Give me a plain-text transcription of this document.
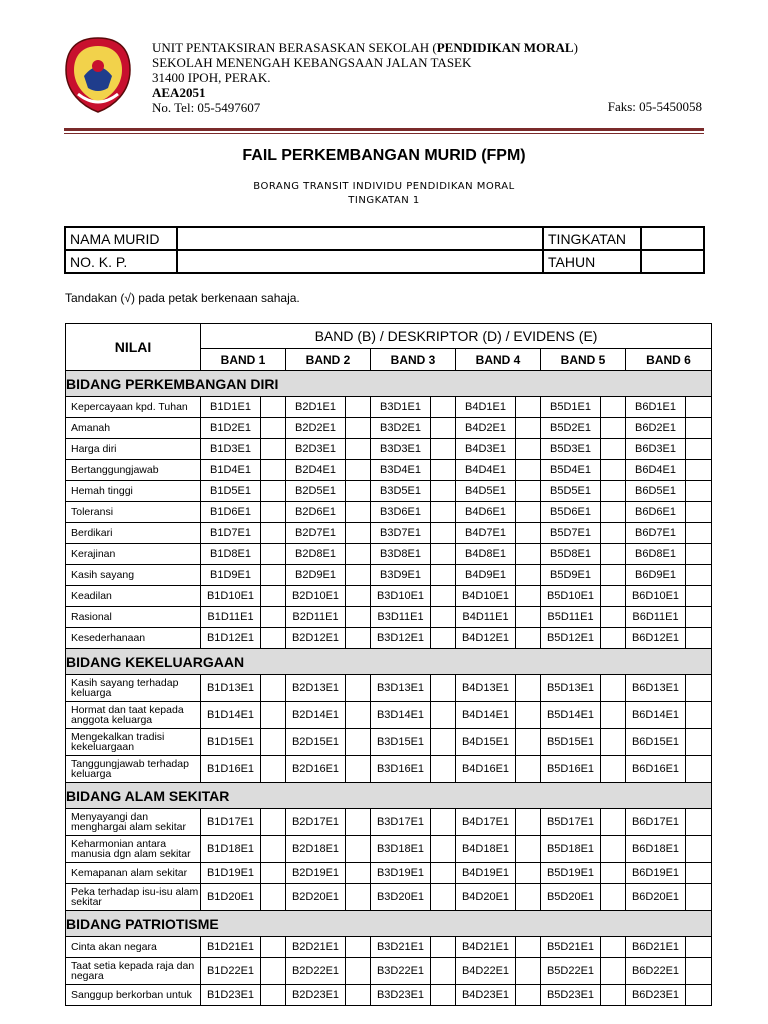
UNIT PENTAKSIRAN BERASASKAN SEKOLAH (PENDIDIKAN MORAL)
SEKOLAH MENENGAH KEBANGSAAN JALAN TASEK
31400 IPOH, PERAK.
AEA2051
No. Tel: 05-5497607	Faks: 05-5450058
FAIL PERKEMBANGAN MURID (FPM)
BORANG TRANSIT INDIVIDU PENDIDIKAN MORAL
TINGKATAN 1
NAMA MURID		TINGKATAN	
NO. K. P.		TAHUN	
Tandakan (√) pada petak berkenaan sahaja.
NILAI	BAND (B) / DESKRIPTOR (D) / EVIDENS (E)											
	BAND 1		BAND 2		BAND 3		BAND 4		BAND 5		BAND 6	
BIDANG PERKEMBANGAN DIRI												
Kepercayaan kpd. Tuhan	B1D1E1		B2D1E1		B3D1E1		B4D1E1		B5D1E1		B6D1E1	
Amanah	B1D2E1		B2D2E1		B3D2E1		B4D2E1		B5D2E1		B6D2E1	
Harga diri	B1D3E1		B2D3E1		B3D3E1		B4D3E1		B5D3E1		B6D3E1	
Bertanggungjawab	B1D4E1		B2D4E1		B3D4E1		B4D4E1		B5D4E1		B6D4E1	
Hemah tinggi	B1D5E1		B2D5E1		B3D5E1		B4D5E1		B5D5E1		B6D5E1	
Toleransi	B1D6E1		B2D6E1		B3D6E1		B4D6E1		B5D6E1		B6D6E1	
Berdikari	B1D7E1		B2D7E1		B3D7E1		B4D7E1		B5D7E1		B6D7E1	
Kerajinan	B1D8E1		B2D8E1		B3D8E1		B4D8E1		B5D8E1		B6D8E1	
Kasih sayang	B1D9E1		B2D9E1		B3D9E1		B4D9E1		B5D9E1		B6D9E1	
Keadilan	B1D10E1		B2D10E1		B3D10E1		B4D10E1		B5D10E1		B6D10E1	
Rasional	B1D11E1		B2D11E1		B3D11E1		B4D11E1		B5D11E1		B6D11E1	
Kesederhanaan	B1D12E1		B2D12E1		B3D12E1		B4D12E1		B5D12E1		B6D12E1	
BIDANG KEKELUARGAAN												
Kasih sayang terhadap keluarga	B1D13E1		B2D13E1		B3D13E1		B4D13E1		B5D13E1		B6D13E1	
Hormat dan taat kepada anggota keluarga	B1D14E1		B2D14E1		B3D14E1		B4D14E1		B5D14E1		B6D14E1	
Mengekalkan tradisi kekeluargaan	B1D15E1		B2D15E1		B3D15E1		B4D15E1		B5D15E1		B6D15E1	
Tanggungjawab terhadap keluarga	B1D16E1		B2D16E1		B3D16E1		B4D16E1		B5D16E1		B6D16E1	
BIDANG ALAM SEKITAR												
Menyayangi dan menghargai alam sekitar	B1D17E1		B2D17E1		B3D17E1		B4D17E1		B5D17E1		B6D17E1	
Keharmonian antara manusia dgn alam sekitar	B1D18E1		B2D18E1		B3D18E1		B4D18E1		B5D18E1		B6D18E1	
Kemapanan alam sekitar	B1D19E1		B2D19E1		B3D19E1		B4D19E1		B5D19E1		B6D19E1	
Peka terhadap isu-isu alam sekitar	B1D20E1		B2D20E1		B3D20E1		B4D20E1		B5D20E1		B6D20E1	
BIDANG PATRIOTISME												
Cinta akan negara	B1D21E1		B2D21E1		B3D21E1		B4D21E1		B5D21E1		B6D21E1	
Taat setia kepada raja dan negara	B1D22E1		B2D22E1		B3D22E1		B4D22E1		B5D22E1		B6D22E1	
Sanggup berkorban untuk	B1D23E1		B2D23E1		B3D23E1		B4D23E1		B5D23E1		B6D23E1	
